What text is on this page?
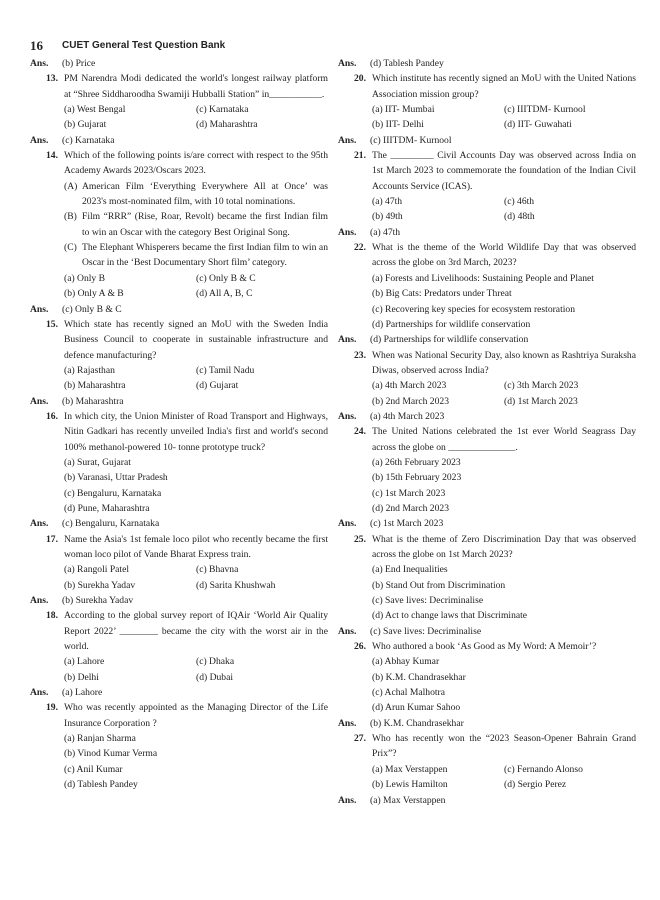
16 CUET General Test Question Bank
Ans. (b) Price
13. PM Narendra Modi dedicated the world's longest railway platform at “Shree Siddharoodha Swamiji Hubballi Station” in___________.
(a) West Bengal	(c) Karnataka
(b) Gujarat	(d) Maharashtra
Ans. (c) Karnataka
14. Which of the following points is/are correct with respect to the 95th Academy Awards 2023/Oscars 2023.
(A) American Film ‘Everything Everywhere All at Once’ was 2023's most-nominated film, with 10 total nominations.
(B) Film “RRR” (Rise, Roar, Revolt) became the first Indian film to win an Oscar with the category Best Original Song.
(C) The Elephant Whisperers became the first Indian film to win an Oscar in the ‘Best Documentary Short film’ category.
(a) Only B	(c) Only B & C
(b) Only A & B	(d) All A, B, C
Ans. (c) Only B & C
15. Which state has recently signed an MoU with the Sweden India Business Council to cooperate in sustainable infrastructure and defence manufacturing?
(a) Rajasthan	(c) Tamil Nadu
(b) Maharashtra	(d) Gujarat
Ans. (b) Maharashtra
16. In which city, the Union Minister of Road Transport and Highways, Nitin Gadkari has recently unveiled India's first and world's second 100% methanol-powered 10- tonne prototype truck?
(a) Surat, Gujarat
(b) Varanasi, Uttar Pradesh
(c) Bengaluru, Karnataka
(d) Pune, Maharashtra
Ans. (c) Bengaluru, Karnataka
17. Name the Asia's 1st female loco pilot who recently became the first woman loco pilot of Vande Bharat Express train.
(a) Rangoli Patel	(c) Bhavna
(b) Surekha Yadav	(d) Sarita Khushwah
Ans. (b) Surekha Yadav
18. According to the global survey report of IQAir ‘World Air Quality Report 2022’ ________ became the city with the worst air in the world.
(a) Lahore	(c) Dhaka
(b) Delhi	(d) Dubai
Ans. (a) Lahore
19. Who was recently appointed as the Managing Director of the Life Insurance Corporation ?
(a) Ranjan Sharma
(b) Vinod Kumar Verma
(c) Anil Kumar
(d) Tablesh Pandey
Ans. (d) Tablesh Pandey
20. Which institute has recently signed an MoU with the United Nations Association mission group?
(a) IIT- Mumbai	(c) IIITDM- Kurnool
(b) IIT- Delhi	(d) IIT- Guwahati
Ans. (c) IIITDM- Kurnool
21. The _________ Civil Accounts Day was observed across India on 1st March 2023 to commemorate the foundation of the Indian Civil Accounts Service (ICAS).
(a) 47th	(c) 46th
(b) 49th	(d) 48th
Ans. (a) 47th
22. What is the theme of the World Wildlife Day that was observed across the globe on 3rd March, 2023?
(a) Forests and Livelihoods: Sustaining People and Planet
(b) Big Cats: Predators under Threat
(c) Recovering key species for ecosystem restoration
(d) Partnerships for wildlife conservation
Ans. (d) Partnerships for wildlife conservation
23. When was National Security Day, also known as Rashtriya Suraksha Diwas, observed across India?
(a) 4th March 2023	(c) 3th March 2023
(b) 2nd March 2023	(d) 1st March 2023
Ans. (a) 4th March 2023
24. The United Nations celebrated the 1st ever World Seagrass Day across the globe on ______________.
(a) 26th February 2023
(b) 15th February 2023
(c) 1st March 2023
(d) 2nd March 2023
Ans. (c) 1st March 2023
25. What is the theme of Zero Discrimination Day that was observed across the globe on 1st March 2023?
(a) End Inequalities
(b) Stand Out from Discrimination
(c) Save lives: Decriminalise
(d) Act to change laws that Discriminate
Ans. (c) Save lives: Decriminalise
26. Who authored a book ‘As Good as My Word: A Memoir’?
(a) Abhay Kumar
(b) K.M. Chandrasekhar
(c) Achal Malhotra
(d) Arun Kumar Sahoo
Ans. (b) K.M. Chandrasekhar
27. Who has recently won the “2023 Season-Opener Bahrain Grand Prix”?
(a) Max Verstappen	(c) Fernando Alonso
(b) Lewis Hamilton	(d) Sergio Perez
Ans. (a) Max Verstappen
